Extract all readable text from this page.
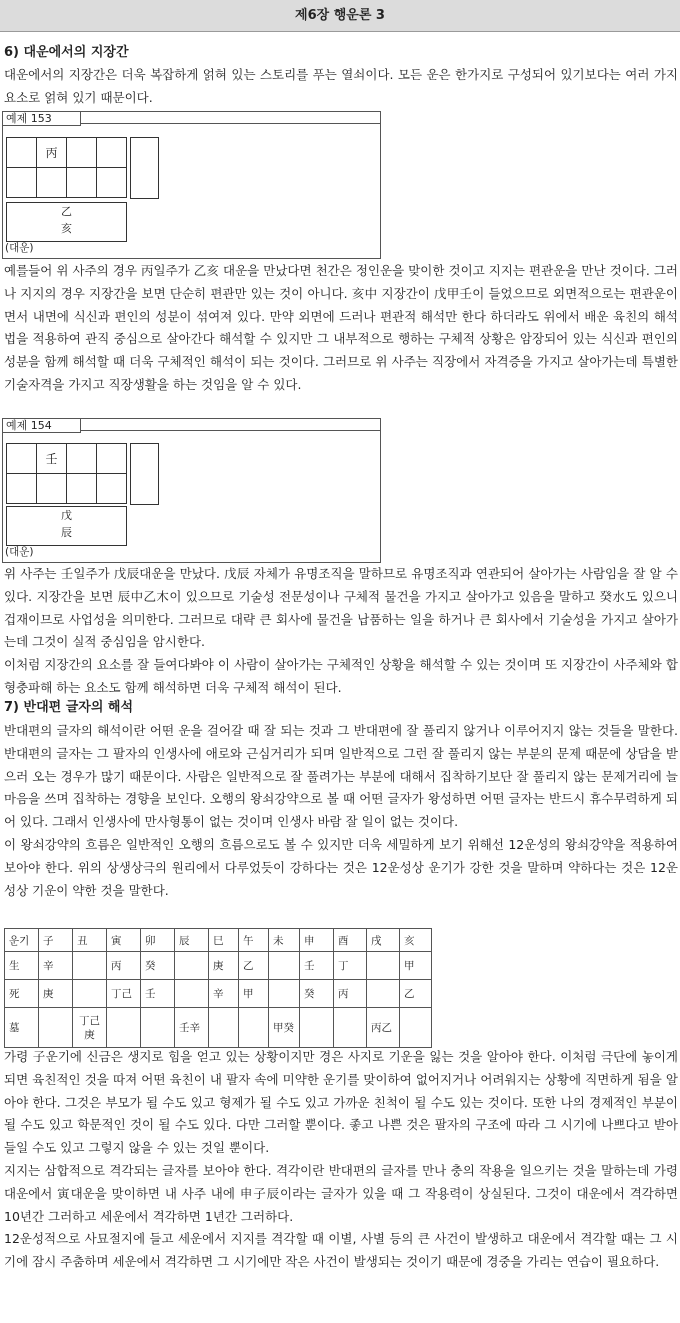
제6장 행운론 3
6) 대운에서의 지장간
대운에서의 지장간은 더욱 복잡하게 얽혀 있는 스토리를 푸는 열쇠이다. 모든 운은 한가지로 구성되어 있기보다는 여러 가지 요소로 얽혀 있기 때문이다.
예제 153
	丙		

乙
亥
(대운)
예를들어 위 사주의 경우 丙일주가 乙亥 대운을 만났다면 천간은 정인운을 맞이한 것이고 지지는 편관운을 만난 것이다. 그러나 지지의 경우 지장간을 보면 단순히 편관만 있는 것이 아니다. 亥中 지장간이 戊甲壬이 들었으므로 외면적으로는 편관운이면서 내면에 식신과 편인의 성분이 섞여져 있다. 만약 외면에 드러나 편관적 해석만 한다 하더라도 위에서 배운 육친의 해석법을 적용하여 관직 중심으로 살아간다 해석할 수 있지만 그 내부적으로 행하는 구체적 상황은 암장되어 있는 식신과 편인의 성분을 함께 해석할 때 더욱 구체적인 해석이 되는 것이다. 그러므로 위 사주는 직장에서 자격증을 가지고 살아가는데 특별한 기술자격을 가지고 직장생활을 하는 것임을 알 수 있다.
예제 154
	壬		

戊
辰
(대운)

위 사주는 壬일주가 戊辰대운을 만났다. 戊辰 자체가 유명조직을 말하므로 유명조직과 연관되어 살아가는 사람임을 잘 알 수 있다. 지장간을 보면 辰中乙木이 있으므로 기술성 전문성이나 구체적 물건을 가지고 살아가고 있음을 말하고 癸水도 있으니 겁재이므로 사업성을 의미한다. 그러므로 대략 큰 회사에 물건을 납품하는 일을 하거나 큰 회사에서 기술성을 가지고 살아가는데 그것이 실적 중심임을 암시한다.

이처럼 지장간의 요소를 잘 들여다봐야 이 사람이 살아가는 구체적인 상황을 해석할 수 있는 것이며 또 지장간이 사주체와 합형충파해 하는 요소도 함께 해석하면 더욱 구체적 해석이 된다.

7) 반대편 글자의 해석

반대편의 글자의 해석이란 어떤 운을 걸어갈 때 잘 되는 것과 그 반대편에 잘 풀리지 않거나 이루어지지 않는 것들을 말한다. 반대편의 글자는 그 팔자의 인생사에 애로와 근심거리가 되며 일반적으로 그런 잘 풀리지 않는 부분의 문제 때문에 상담을 받으러 오는 경우가 많기 때문이다. 사람은 일반적으로 잘 풀려가는 부분에 대해서 집착하기보단 잘 풀리지 않는 문제거리에 늘 마음을 쓰며 집착하는 경향을 보인다. 오행의 왕쇠강약으로 볼 때 어떤 글자가 왕성하면 어떤 글자는 반드시 휴수무력하게 되어 있다. 그래서 인생사에 만사형통이 없는 것이며 인생사 바람 잘 일이 없는 것이다.

이 왕쇠강약의 흐름은 일반적인 오행의 흐름으로도 볼 수 있지만 더욱 세밀하게 보기 위해선 12운성의 왕쇠강약을 적용하여 보아야 한다. 위의 상생상극의 원리에서 다루었듯이 강하다는 것은 12운성상 운기가 강한 것을 말하며 약하다는 것은 12운성상 기운이 약한 것을 말한다.

운기	子	丑	寅	卯	辰	巳	午	未	申	酉	戌	亥
生	辛		丙	癸		庚	乙		壬	丁		甲
死	庚		丁己	壬		辛	甲		癸	丙		乙
墓		丁己
庚			壬辛			甲癸			丙乙	

가령 子운기에 신금은 생지로 힘을 얻고 있는 상황이지만 경은 사지로 기운을 잃는 것을 알아야 한다. 이처럼 극단에 놓이게 되면 육친적인 것을 따져 어떤 육친이 내 팔자 속에 미약한 운기를 맞이하여 없어지거나 어려워지는 상황에 직면하게 됨을 알아야 한다. 그것은 부모가 될 수도 있고 형제가 될 수도 있고 가까운 친척이 될 수도 있는 것이다. 또한 나의 경제적인 부분이 될 수도 있고 학문적인 것이 될 수도 있다. 다만 그러할 뿐이다. 좋고 나쁜 것은 팔자의 구조에 따라 그 시기에 나쁘다고 받아들일 수도 있고 그렇지 않을 수 있는 것일 뿐이다.

지지는 삼합적으로 격각되는 글자를 보아야 한다. 격각이란 반대편의 글자를 만나 충의 작용을 일으키는 것을 말하는데 가령 대운에서 寅대운을 맞이하면 내 사주 내에 申子辰이라는 글자가 있을 때 그 작용력이 상실된다. 그것이 대운에서 격각하면 10년간 그러하고 세운에서 격각하면 1년간 그러하다.

12운성적으로 사묘절지에 들고 세운에서 지지를 격각할 때 이별, 사별 등의 큰 사건이 발생하고 대운에서 격각할 때는 그 시기에 잠시 주춤하며 세운에서 격각하면 그 시기에만 작은 사건이 발생되는 것이기 때문에 경중을 가리는 연습이 필요하다.
